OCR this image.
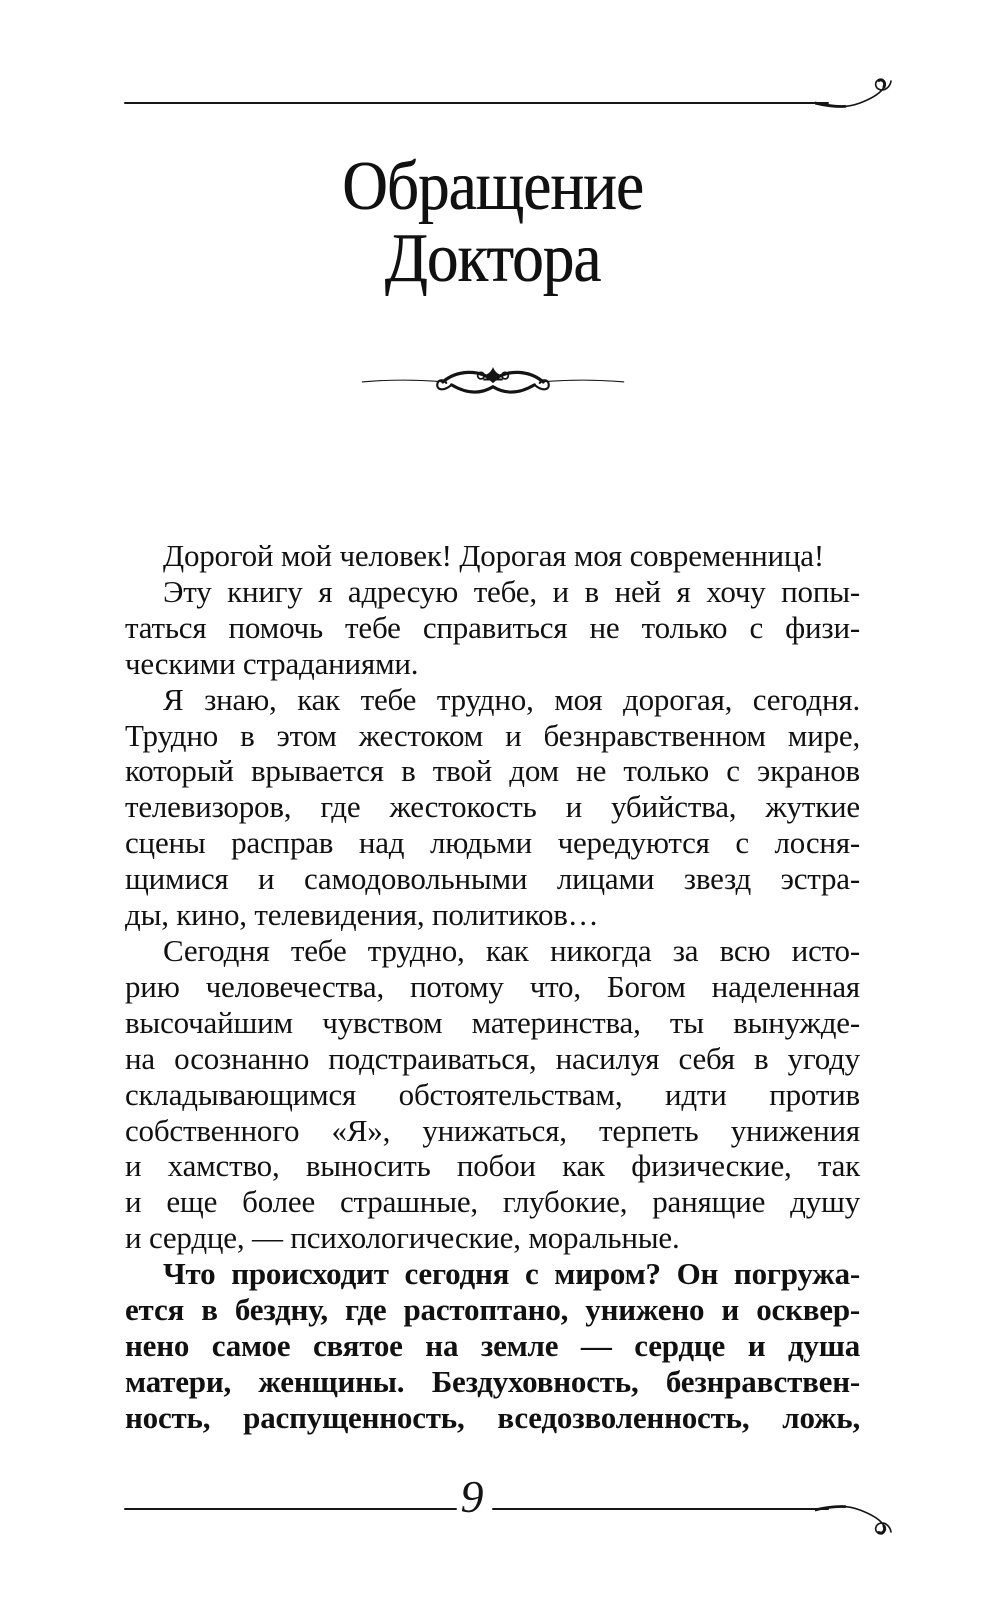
Обращение
Доктора

Дорогой мой человек! Дорогая моя современница!

Эту книгу я адресую тебе, и в ней я хочу попы-
таться помочь тебе справиться не только с физи-
ческими страданиями.

Я знаю, как тебе трудно, моя дорогая, сегодня.
Трудно в этом жестоком и безнравственном мире,
который врывается в твой дом не только с экранов
телевизоров, где жестокость и убийства, жуткие
сцены расправ над людьми чередуются с лосня-
щимися и самодовольными лицами звезд эстра-
ды, кино, телевидения, политиков…

Сегодня тебе трудно, как никогда за всю исто-
рию человечества, потому что, Богом наделенная
высочайшим чувством материнства, ты вынужде-
на осознанно подстраиваться, насилуя себя в угоду
складывающимся обстоятельствам, идти против
собственного «Я», унижаться, терпеть унижения
и хамство, выносить побои как физические, так
и еще более страшные, глубокие, ранящие душу
и сердце, — психологические, моральные.

Что происходит сегодня с миром? Он погружа-
ется в бездну, где растоптано, унижено и осквер-
нено самое святое на земле — сердце и душа
матери, женщины. Бездуховность, безнравствен-
ность, распущенность, вседозволенность, ложь,

9
